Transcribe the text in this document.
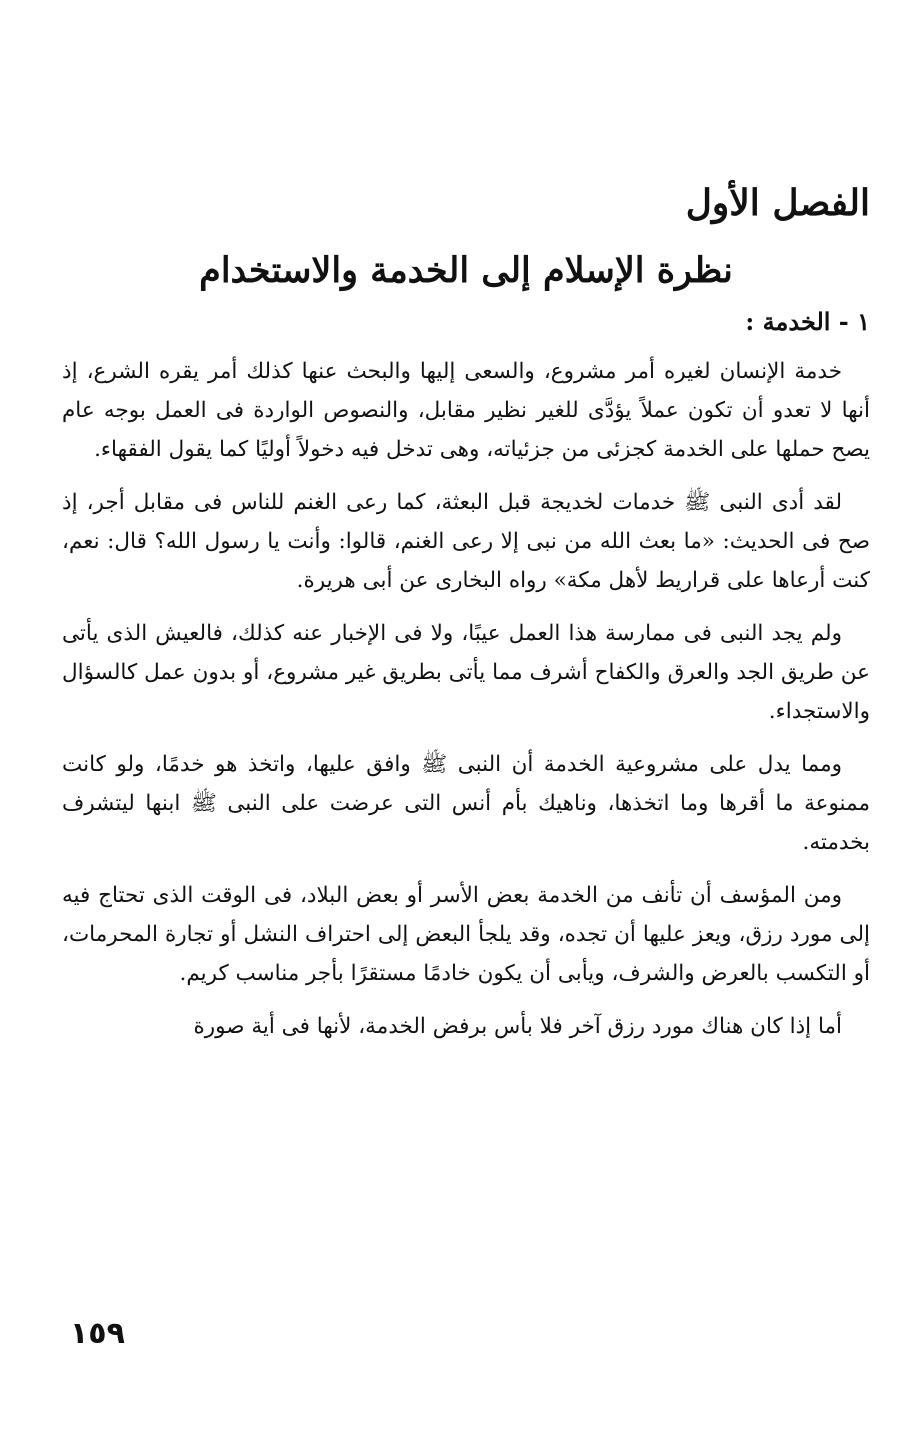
الفصل الأول
نظرة الإسلام إلى الخدمة والاستخدام
١ - الخدمة :

خدمة الإنسان لغيره أمر مشروع، والسعى إليها والبحث عنها كذلك أمر يقره الشرع، إذ أنها لا تعدو أن تكون عملاً يؤدَّى للغير نظير مقابل، والنصوص الواردة فى العمل بوجه عام يصح حملها على الخدمة كجزئى من جزئياته، وهى تدخل فيه دخولاً أوليًا كما يقول الفقهاء.

لقد أدى النبى ﷺ خدمات لخديجة قبل البعثة، كما رعى الغنم للناس فى مقابل أجر، إذ صح فى الحديث: «ما بعث الله من نبى إلا رعى الغنم، قالوا: وأنت يا رسول الله؟ قال: نعم، كنت أرعاها على قراريط لأهل مكة» رواه البخارى عن أبى هريرة.

ولم يجد النبى فى ممارسة هذا العمل عيبًا، ولا فى الإخبار عنه كذلك، فالعيش الذى يأتى عن طريق الجد والعرق والكفاح أشرف مما يأتى بطريق غير مشروع، أو بدون عمل كالسؤال والاستجداء.

ومما يدل على مشروعية الخدمة أن النبى ﷺ وافق عليها، واتخذ هو خدمًا، ولو كانت ممنوعة ما أقرها وما اتخذها، وناهيك بأم أنس التى عرضت على النبى ﷺ ابنها ليتشرف بخدمته.

ومن المؤسف أن تأنف من الخدمة بعض الأسر أو بعض البلاد، فى الوقت الذى تحتاج فيه إلى مورد رزق، ويعز عليها أن تجده، وقد يلجأ البعض إلى احتراف النشل أو تجارة المحرمات، أو التكسب بالعرض والشرف، ويأبى أن يكون خادمًا مستقرًا بأجر مناسب كريم.

أما إذا كان هناك مورد رزق آخر فلا بأس برفض الخدمة، لأنها فى أية صورة

١٥٩
